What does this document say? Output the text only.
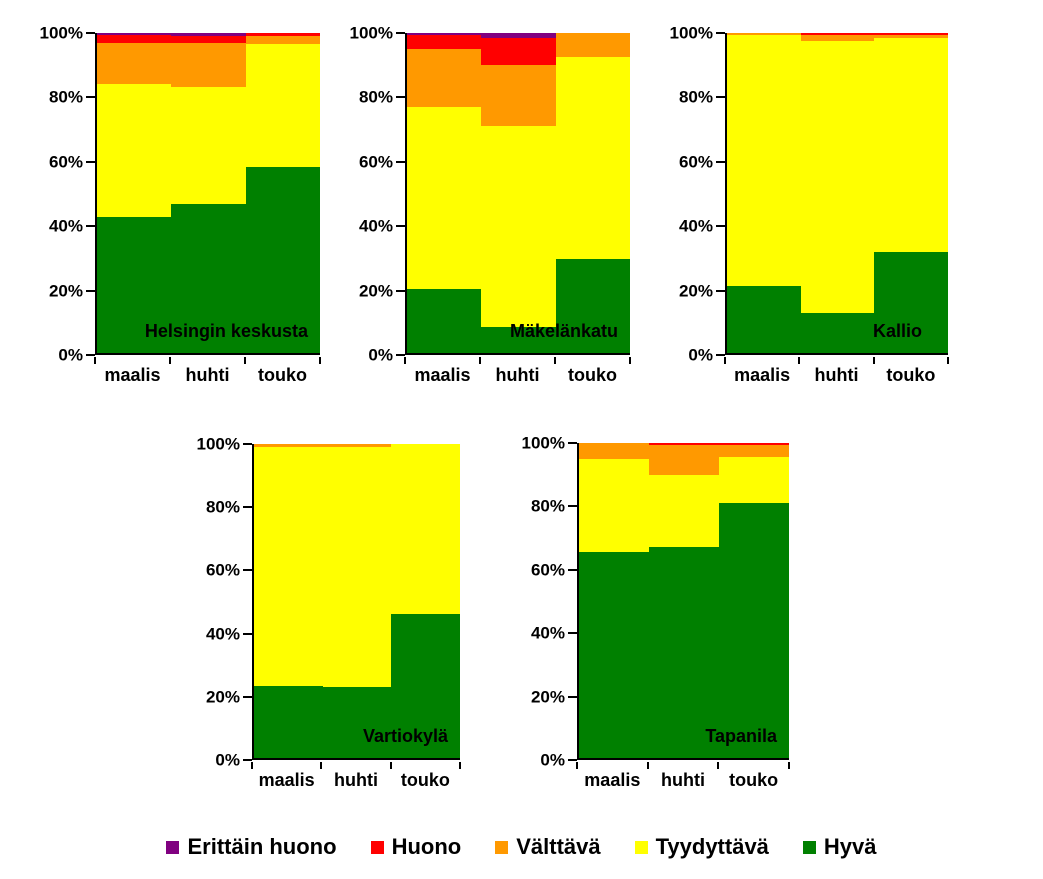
100%
80%
60%
40%
20%
0%
Helsingin keskusta
maalis huhti touko
100%
80%
60%
40%
20%
0%
Mäkelänkatu
maalis huhti touko
100%
80%
60%
40%
20%
0%
Kallio
maalis huhti touko
100%
80%
60%
40%
20%
0%
Vartiokylä
maalis huhti touko
100%
80%
60%
40%
20%
0%
Tapanila
maalis huhti touko
Erittäin huono	Huono	Välttävä	Tyydyttävä	Hyvä
